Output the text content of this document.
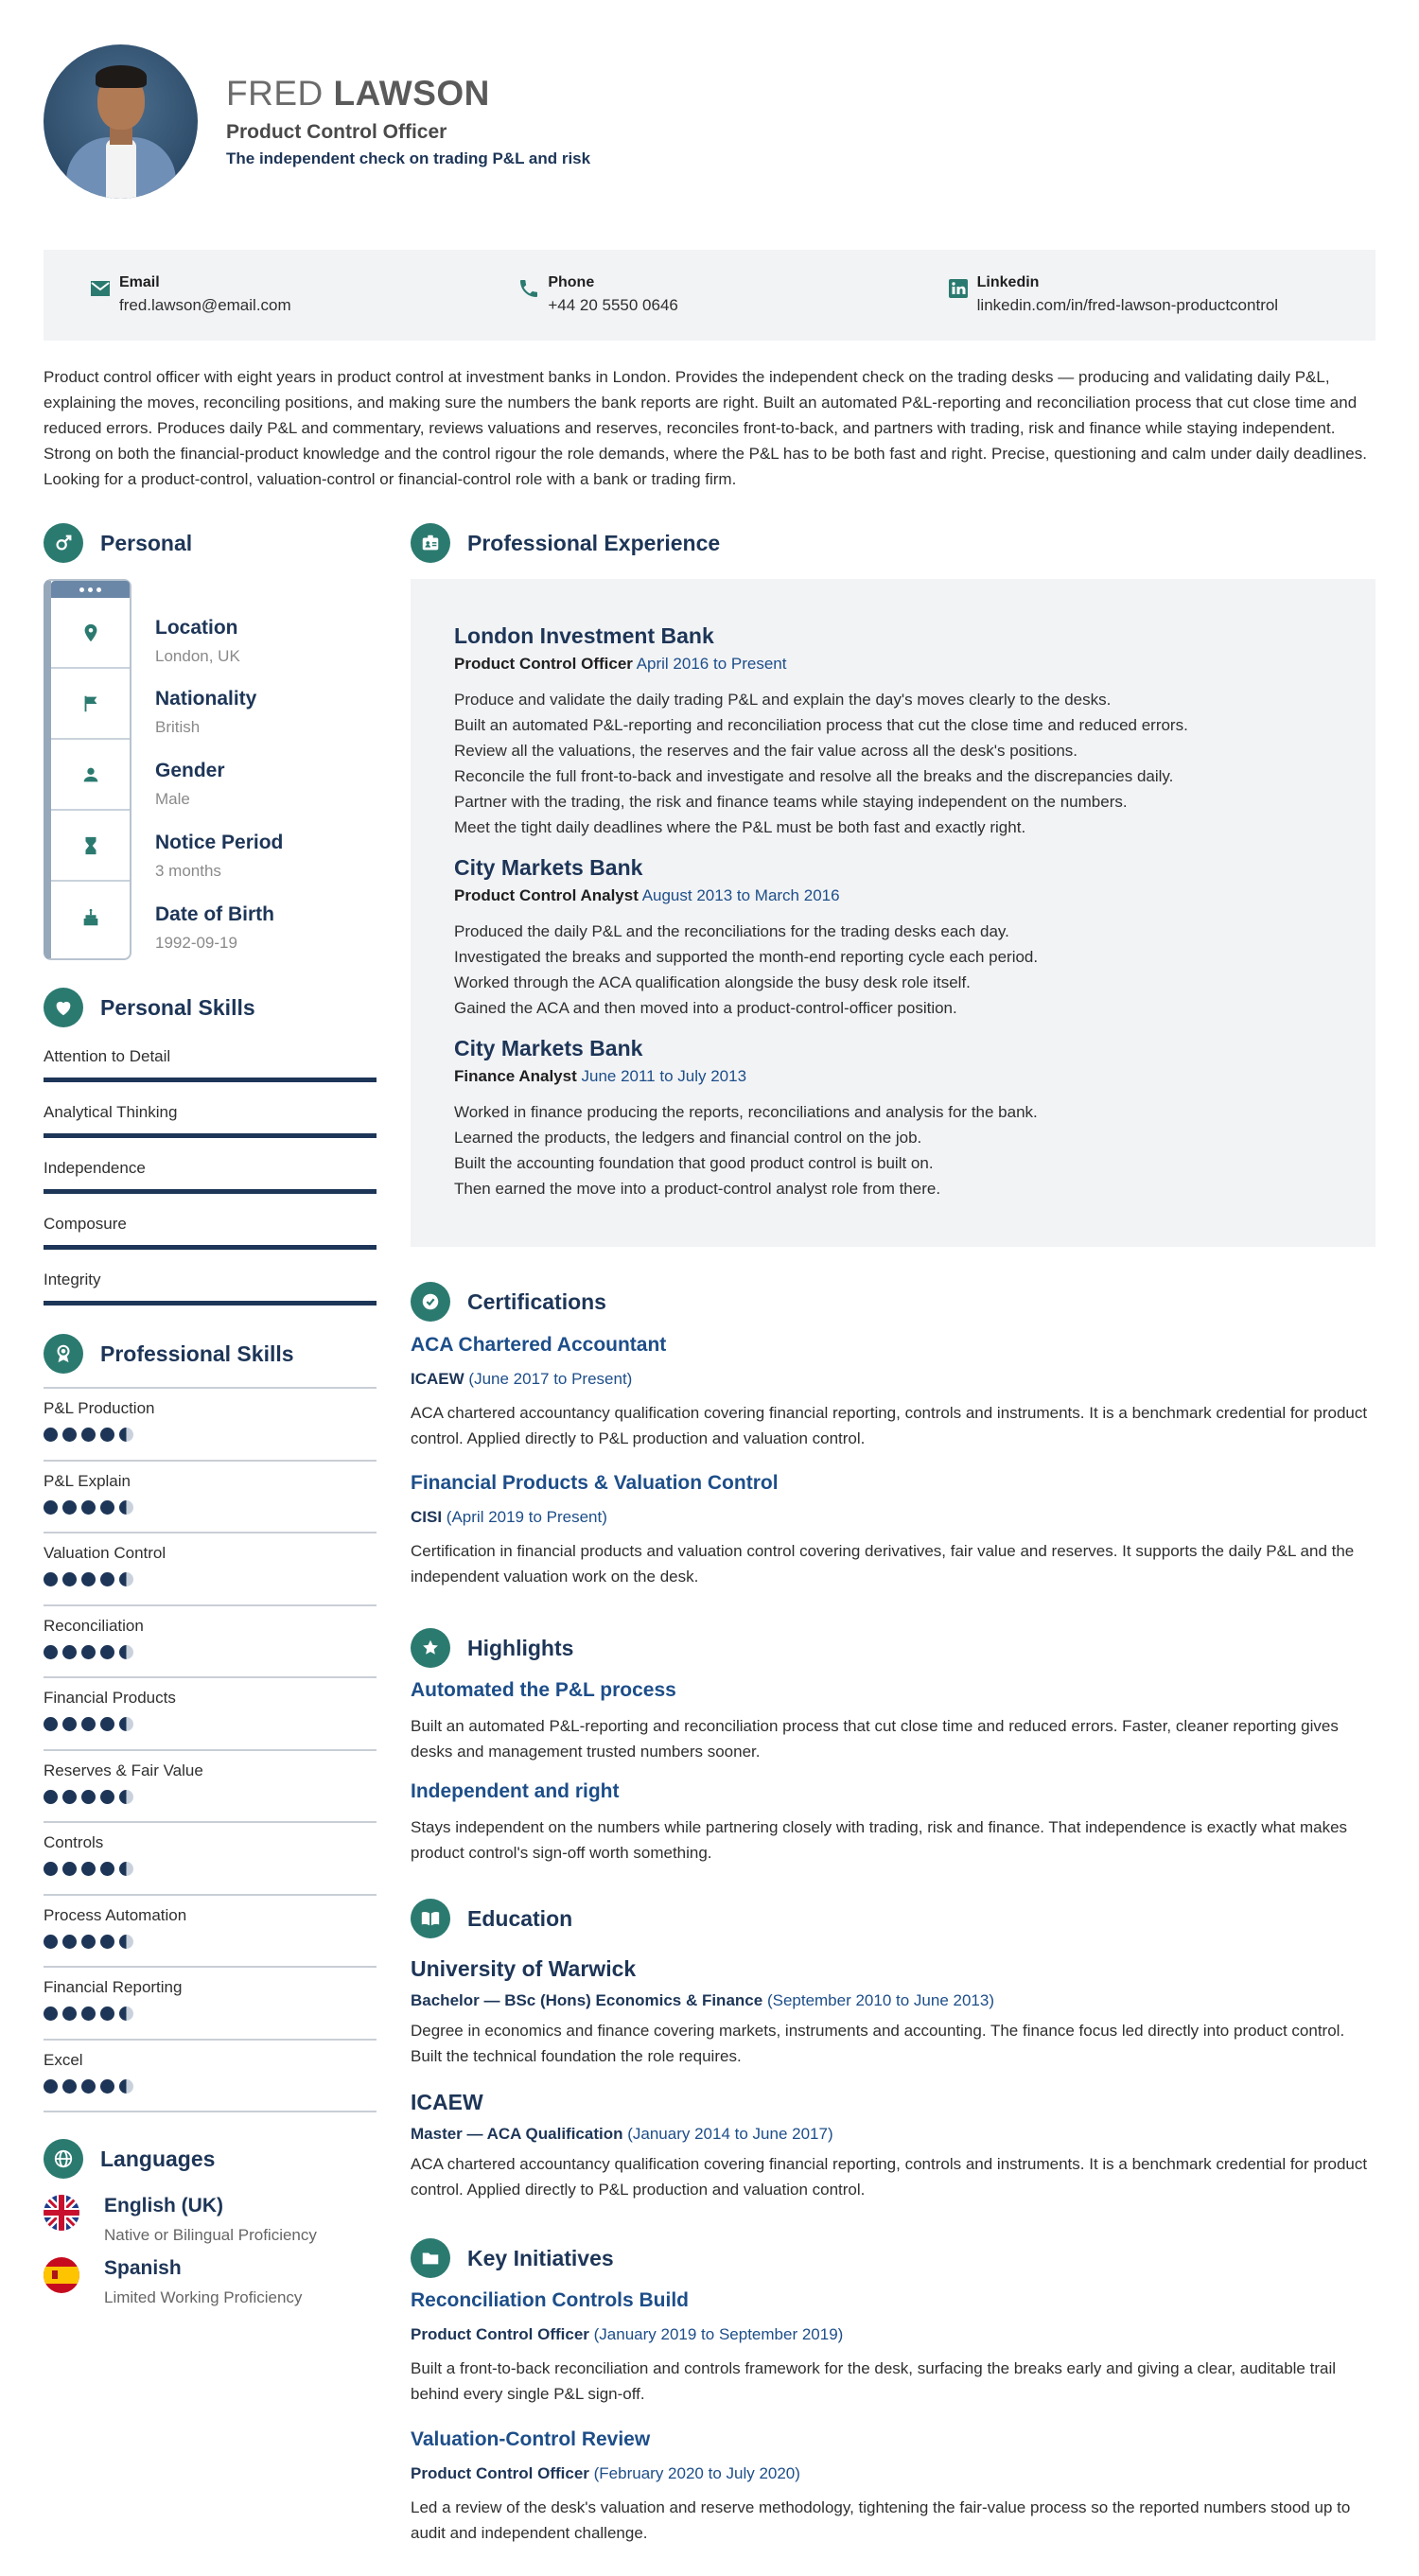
FRED LAWSON
Product Control Officer
The independent check on trading P&L and risk
Email
fred.lawson@email.com
Phone
+44 20 5550 0646
Linkedin
linkedin.com/in/fred-lawson-productcontrol
Product control officer with eight years in product control at investment banks in London. Provides the independent check on the trading desks — producing and validating daily P&L, explaining the moves, reconciling positions, and making sure the numbers the bank reports are right. Built an automated P&L-reporting and reconciliation process that cut close time and reduced errors. Produces daily P&L and commentary, reviews valuations and reserves, reconciles front-to-back, and partners with trading, risk and finance while staying independent. Strong on both the financial-product knowledge and the control rigour the role demands, where the P&L has to be both fast and right. Precise, questioning and calm under daily deadlines. Looking for a product-control, valuation-control or financial-control role with a bank or trading firm.
Personal
Location
London, UK
Nationality
British
Gender
Male
Notice Period
3 months
Date of Birth
1992-09-19
Personal Skills
Attention to Detail
Analytical Thinking
Independence
Composure
Integrity
Professional Skills
P&L Production
P&L Explain
Valuation Control
Reconciliation
Financial Products
Reserves & Fair Value
Controls
Process Automation
Financial Reporting
Excel
Languages
English (UK)
Native or Bilingual Proficiency
Spanish
Limited Working Proficiency
Professional Experience
London Investment Bank
Product Control Officer April 2016 to Present
Produce and validate the daily trading P&L and explain the day's moves clearly to the desks.
Built an automated P&L-reporting and reconciliation process that cut the close time and reduced errors.
Review all the valuations, the reserves and the fair value across all the desk's positions.
Reconcile the full front-to-back and investigate and resolve all the breaks and the discrepancies daily.
Partner with the trading, the risk and finance teams while staying independent on the numbers.
Meet the tight daily deadlines where the P&L must be both fast and exactly right.
City Markets Bank
Product Control Analyst August 2013 to March 2016
Produced the daily P&L and the reconciliations for the trading desks each day.
Investigated the breaks and supported the month-end reporting cycle each period.
Worked through the ACA qualification alongside the busy desk role itself.
Gained the ACA and then moved into a product-control-officer position.
City Markets Bank
Finance Analyst June 2011 to July 2013
Worked in finance producing the reports, reconciliations and analysis for the bank.
Learned the products, the ledgers and financial control on the job.
Built the accounting foundation that good product control is built on.
Then earned the move into a product-control analyst role from there.
Certifications
ACA Chartered Accountant
ICAEW (June 2017 to Present)
ACA chartered accountancy qualification covering financial reporting, controls and instruments. It is a benchmark credential for product control. Applied directly to P&L production and valuation control.
Financial Products & Valuation Control
CISI (April 2019 to Present)
Certification in financial products and valuation control covering derivatives, fair value and reserves. It supports the daily P&L and the independent valuation work on the desk.
Highlights
Automated the P&L process
Built an automated P&L-reporting and reconciliation process that cut close time and reduced errors. Faster, cleaner reporting gives desks and management trusted numbers sooner.
Independent and right
Stays independent on the numbers while partnering closely with trading, risk and finance. That independence is exactly what makes product control's sign-off worth something.
Education
University of Warwick
Bachelor — BSc (Hons) Economics & Finance (September 2010 to June 2013)
Degree in economics and finance covering markets, instruments and accounting. The finance focus led directly into product control. Built the technical foundation the role requires.
ICAEW
Master — ACA Qualification (January 2014 to June 2017)
ACA chartered accountancy qualification covering financial reporting, controls and instruments. It is a benchmark credential for product control. Applied directly to P&L production and valuation control.
Key Initiatives
Reconciliation Controls Build
Product Control Officer (January 2019 to September 2019)
Built a front-to-back reconciliation and controls framework for the desk, surfacing the breaks early and giving a clear, auditable trail behind every single P&L sign-off.
Valuation-Control Review
Product Control Officer (February 2020 to July 2020)
Led a review of the desk's valuation and reserve methodology, tightening the fair-value process so the reported numbers stood up to audit and independent challenge.
